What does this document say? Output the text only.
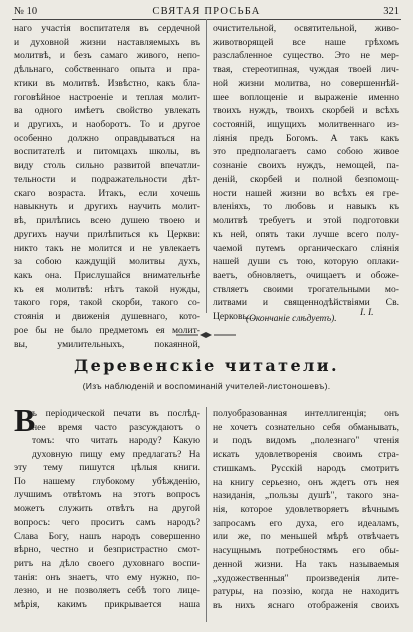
№ 10	СВЯТАЯ ПРОСЬБА	321
наго участія воспитателя въ сердечной
и духовной жизни наставляемыхъ въ
молитвѣ, и безъ самаго живого, непо-
дѣльнаго, собственнаго опыта и прa-
ктики въ молитвѣ. Извѣстно, какъ бла-
гоговѣйное настроеніе и теплая молит-
ва одного имѣетъ свойство увлекать
и другихъ, и наоборотъ. То и другое
особенно должно оправдываться на
воспитателѣ и питомцахъ школы, въ
виду столь сильно развитой впечатли-
тельности и подражательности дѣт-
скаго возраста. Итакъ, если хочешь
навыкнуть и другихъ научить молит-
вѣ, прилѣпись всею душею твоею и
другихъ научи прилѣпиться къ Церкви:
никто такъ не молится и не увлекаетъ
за собою каждущій молитвы духъ,
какъ она. Прислушайся внимательнѣе
къ ея молитвѣ: нѣтъ такой нужды,
такого горя, такой скорби, такого со-
стоянія и движенія душевнаго, кото-
рое бы не было предметомъ ея молит-
вы, умилительныхъ, покаянной,
очистительной, освятительной, живо-
животворящей все наше грѣхомъ
разслабленное существо. Это не мер-
твая, стереотипная, чуждая твоей лич-
ной жизни молитва, но совершеннѣй-
шее воплощеніе и выраженіе именно
твоихъ нуждъ, твоихъ скорбей и всѣхъ
состояній, ищущихъ молитвеннаго из-
ліянія предъ Богомъ. А такъ какъ
это предполагаетъ само собою живое
сознаніе своихъ нуждъ, немощей, па-
деній, скорбей и полной безпомощ-
ности нашей жизни во всѣхъ ея гре-
вленіяхъ, то любовь и навыкъ къ
молитвѣ требуетъ и этой подготовки
къ ней, опять таки лучше всего полу-
чаемой путемъ органическаго сліянія
нашей души съ тою, которую оплаки-
ваетъ, обновляетъ, очищаетъ и обоже-
ствляетъ своими трогательными мо-
литвами и священнодѣйствіями Св.
Церковь....	I. I.
(Окончаніе слѣдуетъ).
Деревенскіе читатели.
(Изъ наблюденій и воспоминаній учителей-листоношевъ).
В
ъ періодической печати въ послѣд-
нее время часто разсуждаютъ о
томъ: что читать народу? Какую
духовную пищу ему предлагать? На
эту тему пишутся цѣлыя книги.
По нашему глубокому убѣжденію,
лучшимъ отвѣтомъ на этотъ вопросъ
можетъ служить отвѣтъ на другой
вопросъ: чего проситъ самъ народъ?
Слава Богу, нашъ народъ совершенно
вѣрно, честно и безпристрастно смот-
ритъ на дѣло своего духовнаго воспи-
танія: онъ знаетъ, что ему нужно, по-
лезно, и не позволяетъ себѣ того лице-
мѣрія, какимъ прикрывается наша
полуобразованная интеллигенція; онъ
не хочетъ сознательно себя обманывать,
и подъ видомъ „полезнаго" чтенія
искать удовлетворенія своимъ стра-
стишкамъ. Русскій народъ смотритъ
на книгу серьезно, онъ ждетъ отъ нея
назиданія, „пользы душѣ", такого зна-
нія, которое удовлетворяетъ вѣчнымъ
запросамъ его духа, его идеаламъ,
или же, по меньшей мѣрѣ отвѣчаетъ
насущнымъ потребностямъ его обы-
денной жизни. На такъ называемыя
„художественныя" произведенія лите-
ратуры, на поэзію, когда не находитъ
въ нихъ яснаго отображенія своихъ
